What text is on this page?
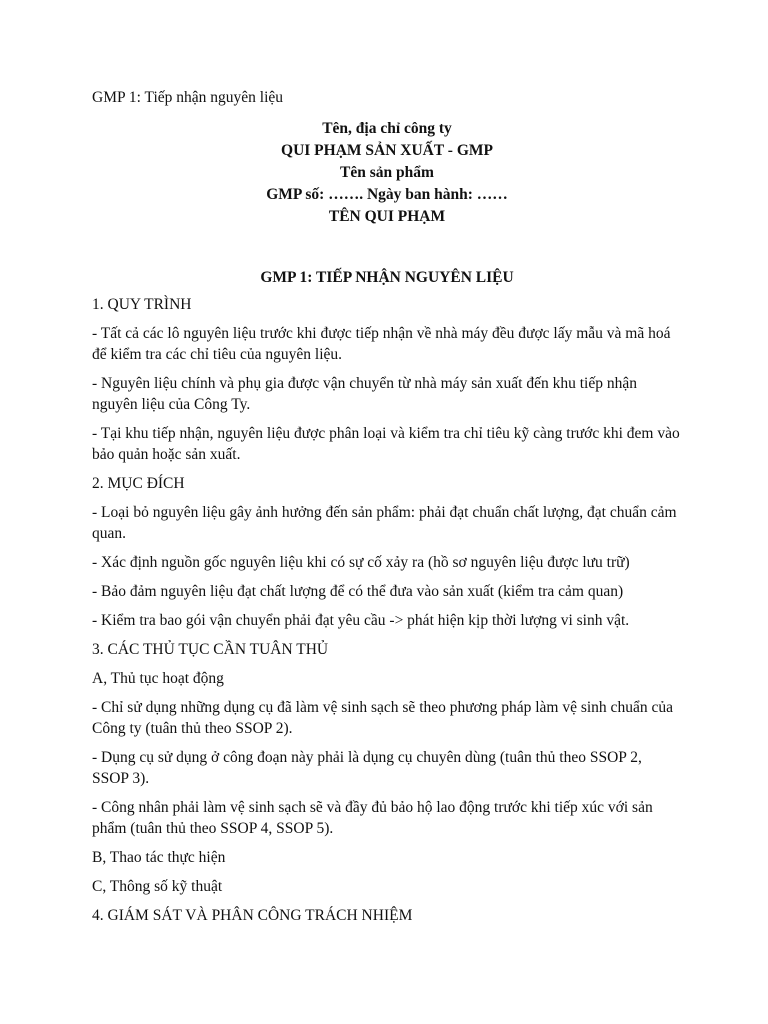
GMP 1: Tiếp nhận nguyên liệu

Tên, địa chỉ công ty
QUI PHẠM SẢN XUẤT - GMP
Tên sản phẩm
GMP số: ……. Ngày ban hành: ……
TÊN QUI PHẠM
GMP 1: TIẾP NHẬN NGUYÊN LIỆU

1. QUY TRÌNH

- Tất cả các lô nguyên liệu trước khi được tiếp nhận về nhà máy đều được lấy mẫu và mã hoá để kiểm tra các chỉ tiêu của nguyên liệu.

- Nguyên liệu chính và phụ gia được vận chuyển từ nhà máy sản xuất đến khu tiếp nhận nguyên liệu của Công Ty.

- Tại khu tiếp nhận, nguyên liệu được phân loại và kiểm tra chỉ tiêu kỹ càng trước khi đem vào bảo quản hoặc sản xuất.

2. MỤC ĐÍCH

- Loại bỏ nguyên liệu gây ảnh hưởng đến sản phẩm: phải đạt chuẩn chất lượng, đạt chuẩn cảm quan.

- Xác định nguồn gốc nguyên liệu khi có sự cố xảy ra (hồ sơ nguyên liệu được lưu trữ)

- Bảo đảm nguyên liệu đạt chất lượng để có thể đưa vào sản xuất (kiểm tra cảm quan)

- Kiểm tra bao gói vận chuyển phải đạt yêu cầu -> phát hiện kịp thời lượng vi sinh vật.

3. CÁC THỦ TỤC CẦN TUÂN THỦ

A, Thủ tục hoạt động

- Chỉ sử dụng những dụng cụ đã làm vệ sinh sạch sẽ theo phương pháp làm vệ sinh chuẩn của Công ty (tuân thủ theo SSOP 2).

- Dụng cụ sử dụng ở công đoạn này phải là dụng cụ chuyên dùng (tuân thủ theo SSOP 2, SSOP 3).

- Công nhân phải làm vệ sinh sạch sẽ và đầy đủ bảo hộ lao động trước khi tiếp xúc với sản phẩm (tuân thủ theo SSOP 4, SSOP 5).

B, Thao tác thực hiện

C, Thông số kỹ thuật

4. GIÁM SÁT VÀ PHÂN CÔNG TRÁCH NHIỆM
